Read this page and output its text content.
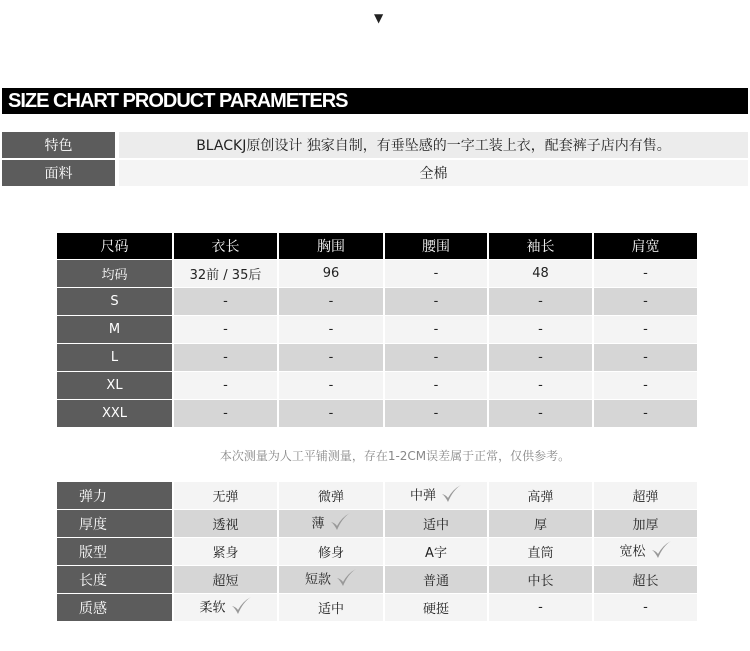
▼
SIZE CHART PRODUCT PARAMETERS
特色	BLACKJ原创设计 独家自制，有垂坠感的一字工装上衣，配套裤子店内有售。
面料	全棉
尺码	衣长	胸围	腰围	袖长	肩宽
均码	32前 / 35后	96	-	48	-
S	-	-	-	-	-
M	-	-	-	-	-
L	-	-	-	-	-
XL	-	-	-	-	-
XXL	-	-	-	-	-
本次测量为人工平铺测量，存在1-2CM误差属于正常，仅供参考。
弹力	无弹	微弹	中弹	高弹	超弹
厚度	透视	薄	适中	厚	加厚
版型	紧身	修身	A字	直筒	宽松
长度	超短	短款	普通	中长	超长
质感	柔软	适中	硬挺	-	-
